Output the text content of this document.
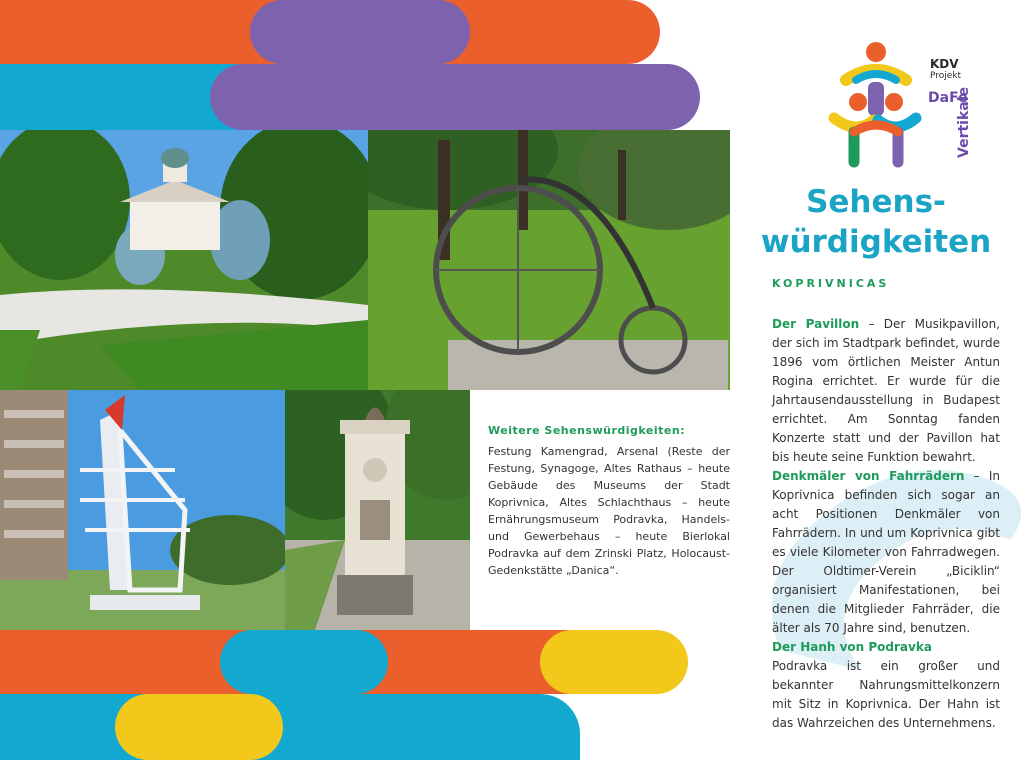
KDV
Projekt
DaFe
Vertikale
Sehens-
würdigkeiten
KOPRIVNICAS
Der Pavillon – Der Musikpavillon, der sich im Stadtpark befindet, wurde 1896 vom örtlichen Meister Antun Rogina errichtet. Er wurde für die Jahrtausendausstellung in Budapest errichtet. Am Sonntag fanden Konzerte statt und der Pavillon hat bis heute seine Funktion bewahrt.
Denkmäler von Fahrrädern – In Koprivnica befinden sich sogar an acht Positionen Denkmäler von Fahrrädern. In und um Koprivnica gibt es viele Kilometer von Fahrradwegen. Der Oldtimer-Verein „Biciklin“ organisiert Manifestationen, bei denen die Mitglieder Fahrräder, die älter als 70 Jahre sind, benutzen.
Der Hanh von Podravka
Podravka ist ein großer und bekannter Nahrungsmittelkonzern mit Sitz in Koprivnica. Der Hahn ist das Wahrzeichen des Unternehmens.
Weitere Sehenswürdigkeiten:
Festung Kamengrad, Arsenal (Reste der Festung, Synagoge, Altes Rathaus – heute Gebäude des Museums der Stadt Koprivnica, Altes Schlachthaus – heute Ernährungsmuseum Podravka, Handels- und Gewerbehaus – heute Bierlokal Podravka auf dem Zrinski Platz, Holocaust-Gedenkstätte „Danica“.
